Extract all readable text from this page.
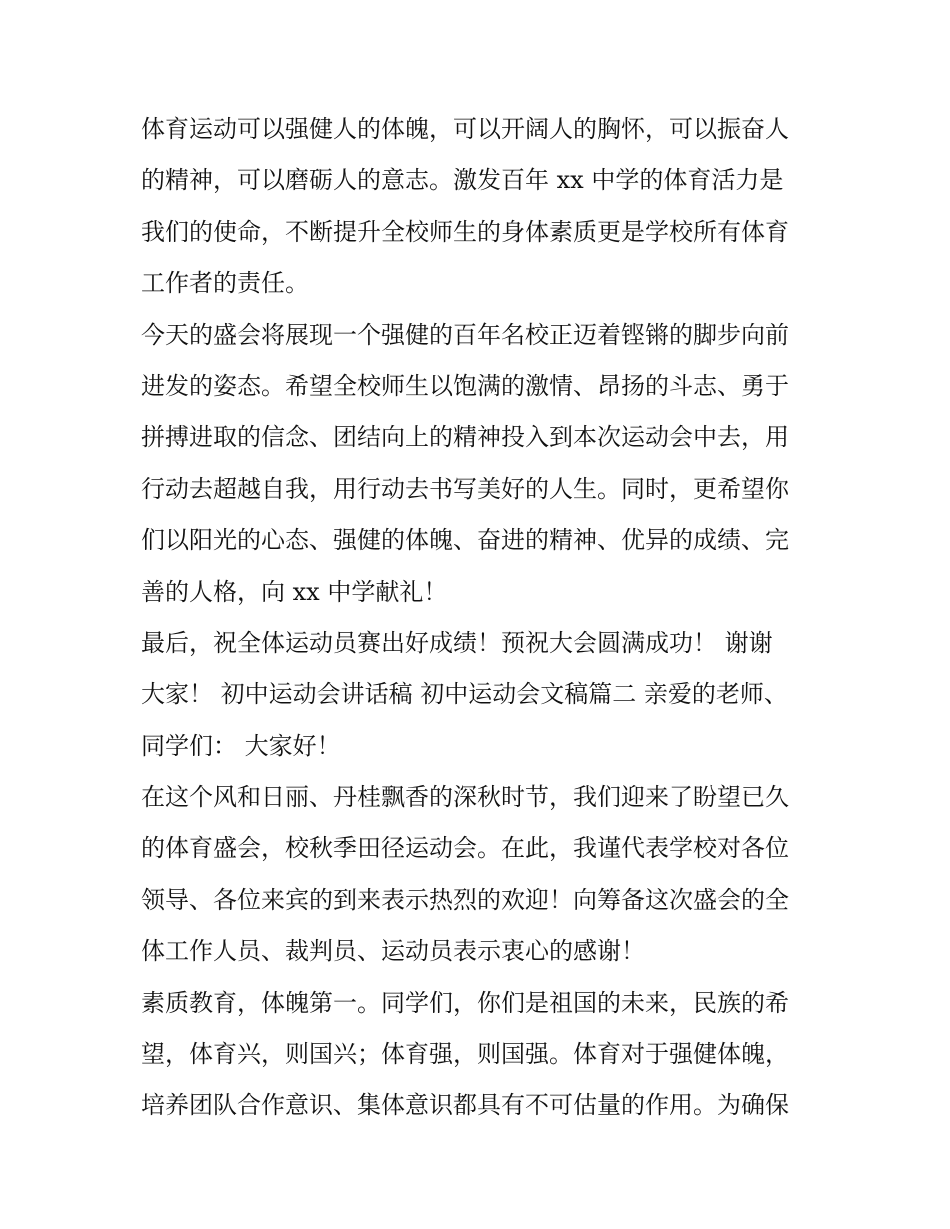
体育运动可以强健人的体魄，可以开阔人的胸怀，可以振奋人
的精神，可以磨砺人的意志。激发百年 xx 中学的体育活力是
我们的使命，不断提升全校师生的身体素质更是学校所有体育
工作者的责任。
今天的盛会将展现一个强健的百年名校正迈着铿锵的脚步向前
进发的姿态。希望全校师生以饱满的激情、昂扬的斗志、勇于
拼搏进取的信念、团结向上的精神投入到本次运动会中去，用
行动去超越自我，用行动去书写美好的人生。同时，更希望你
们以阳光的心态、强健的体魄、奋进的精神、优异的成绩、完
善的人格，向 xx 中学献礼！
最后，祝全体运动员赛出好成绩！预祝大会圆满成功！ 谢谢
大家！ 初中运动会讲话稿 初中运动会文稿篇二 亲爱的老师、
同学们： 大家好！
在这个风和日丽、丹桂飘香的深秋时节，我们迎来了盼望已久
的体育盛会，校秋季田径运动会。在此，我谨代表学校对各位
领导、各位来宾的到来表示热烈的欢迎！向筹备这次盛会的全
体工作人员、裁判员、运动员表示衷心的感谢！
素质教育，体魄第一。同学们，你们是祖国的未来，民族的希
望，体育兴，则国兴；体育强，则国强。体育对于强健体魄，
培养团队合作意识、集体意识都具有不可估量的作用。为确保
